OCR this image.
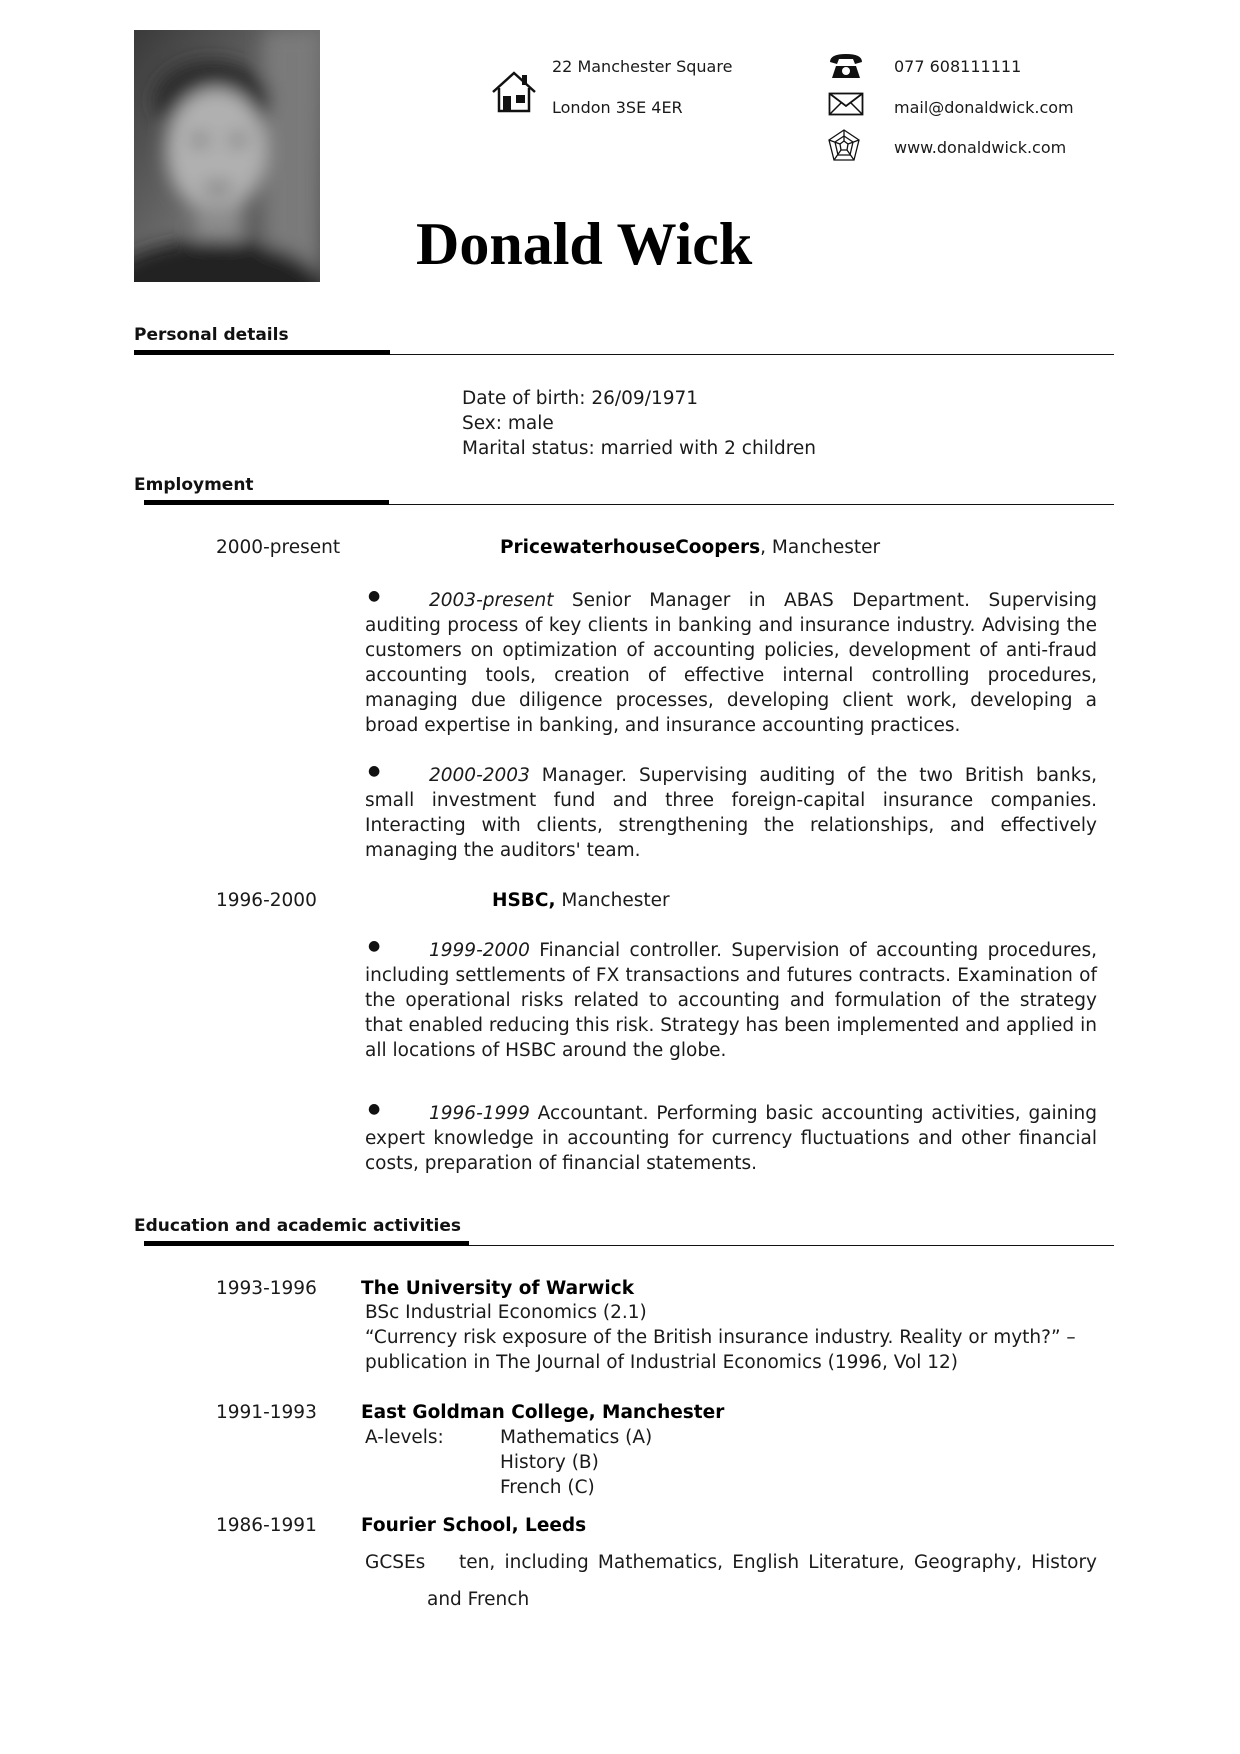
22 Manchester Square
London 3SE 4ER
077 608111111
mail@donaldwick.com
www.donaldwick.com
Donald Wick
Personal details
Date of birth: 26/09/1971
Sex: male
Marital status: married with 2 children
Employment
2000-present	PricewaterhouseCoopers, Manchester
●	2003-present Senior Manager in ABAS Department. Supervising auditing process of key clients in banking and insurance industry. Advising the customers on optimization of accounting policies, development of anti-fraud accounting tools, creation of effective internal controlling procedures, managing due diligence processes, developing client work, developing a broad expertise in banking, and insurance accounting practices.
●	2000-2003 Manager. Supervising auditing of the two British banks, small investment fund and three foreign-capital insurance companies. Interacting with clients, strengthening the relationships, and effectively managing the auditors' team.
1996-2000	HSBC, Manchester
●	1999-2000 Financial controller. Supervision of accounting procedures, including settlements of FX transactions and futures contracts. Examination of the operational risks related to accounting and formulation of the strategy that enabled reducing this risk. Strategy has been implemented and applied in all locations of HSBC around the globe.
●	1996-1999 Accountant. Performing basic accounting activities, gaining expert knowledge in accounting for currency fluctuations and other financial costs, preparation of financial statements.
Education and academic activities
1993-1996 The University of Warwick
BSc Industrial Economics (2.1)
“Currency risk exposure of the British insurance industry. Reality or myth?” –
publication in The Journal of Industrial Economics (1996, Vol 12)
1991-1993 East Goldman College, Manchester
A-levels:	Mathematics (A)
History (B)
French (C)
1986-1991 Fourier School, Leeds
GCSEs ten, including Mathematics, English Literature, Geography, History
and French
